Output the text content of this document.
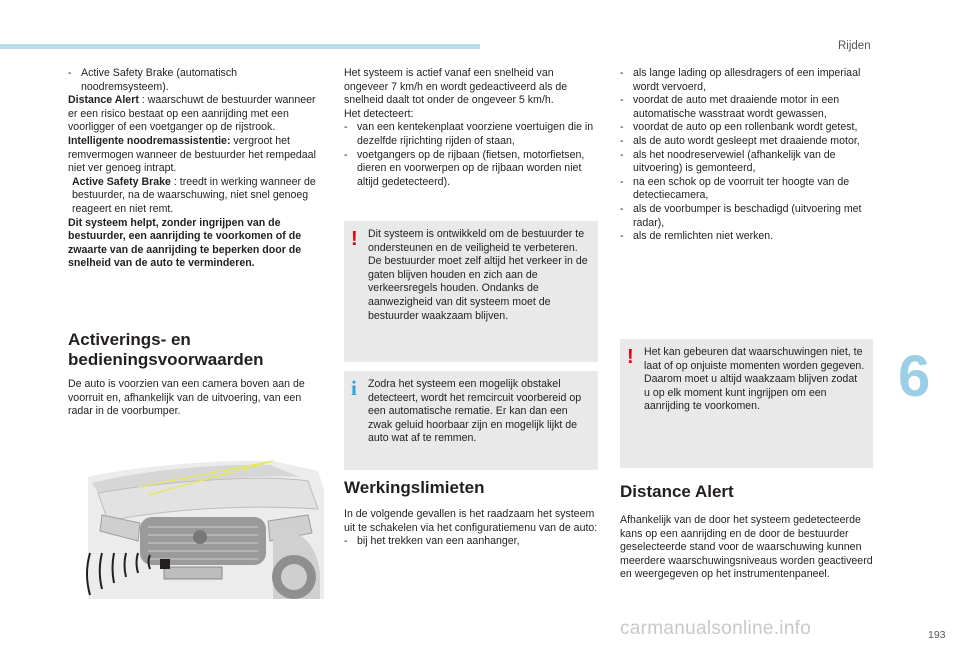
Rijden
6
193
- Active Safety Brake (automatisch noodremsysteem).

Distance Alert : waarschuwt de bestuurder wanneer er een risico bestaat op een aanrijding met een voorligger of een voetganger op de rijstrook.

Intelligente noodremassistentie: vergroot het remvermogen wanneer de bestuurder het rempedaal niet ver genoeg intrapt.

Active Safety Brake : treedt in werking wanneer de bestuurder, na de waarschuwing, niet snel genoeg reageert en niet remt.

Dit systeem helpt, zonder ingrijpen van de bestuurder, een aanrijding te voorkomen of de zwaarte van de aanrijding te beperken door de snelheid van de auto te verminderen.

Activerings- en bedieningsvoorwaarden

De auto is voorzien van een camera boven aan de voorruit en, afhankelijk van de uitvoering, van een radar in de voorbumper.

Het systeem is actief vanaf een snelheid van ongeveer 7 km/h en wordt gedeactiveerd als de snelheid daalt tot onder de ongeveer 5 km/h.

Het detecteert:

- van een kentekenplaat voorziene voertuigen die in dezelfde rijrichting rijden of staan,
- voetgangers op de rijbaan (fietsen, motorfietsen, dieren en voorwerpen op de rijbaan worden niet altijd gedetecteerd).
! Dit systeem is ontwikkeld om de bestuurder te ondersteunen en de veiligheid te verbeteren. De bestuurder moet zelf altijd het verkeer in de gaten blijven houden en zich aan de verkeersregels houden. Ondanks de aanwezigheid van dit systeem moet de bestuurder waakzaam blijven.

i Zodra het systeem een mogelijk obstakel detecteert, wordt het remcircuit voorbereid op een automatische rematie. Er kan dan een zwak geluid hoorbaar zijn en mogelijk lijkt de auto wat af te remmen.

Werkingslimieten

In de volgende gevallen is het raadzaam het systeem uit te schakelen via het configuratiemenu van de auto:

- bij het trekken van een aanhanger,
- als lange lading op allesdragers of een imperiaal wordt vervoerd,
- voordat de auto met draaiende motor in een automatische wasstraat wordt gewassen,
- voordat de auto op een rollenbank wordt getest,
- als de auto wordt gesleept met draaiende motor,
- als het noodreservewiel (afhankelijk van de uitvoering) is gemonteerd,
- na een schok op de voorruit ter hoogte van de detectiecamera,
- als de voorbumper is beschadigd (uitvoering met radar),
- als de remlichten niet werken.
! Het kan gebeuren dat waarschuwingen niet, te laat of op onjuiste momenten worden gegeven. Daarom moet u altijd waakzaam blijven zodat u op elk moment kunt ingrijpen om een aanrijding te voorkomen.

Distance Alert

Afhankelijk van de door het systeem gedetecteerde kans op een aanrijding en de door de bestuurder geselecteerde stand voor de waarschuwing kunnen meerdere waarschuwingsniveaus worden geactiveerd en weergegeven op het instrumentenpaneel.

carmanualsonline.info
